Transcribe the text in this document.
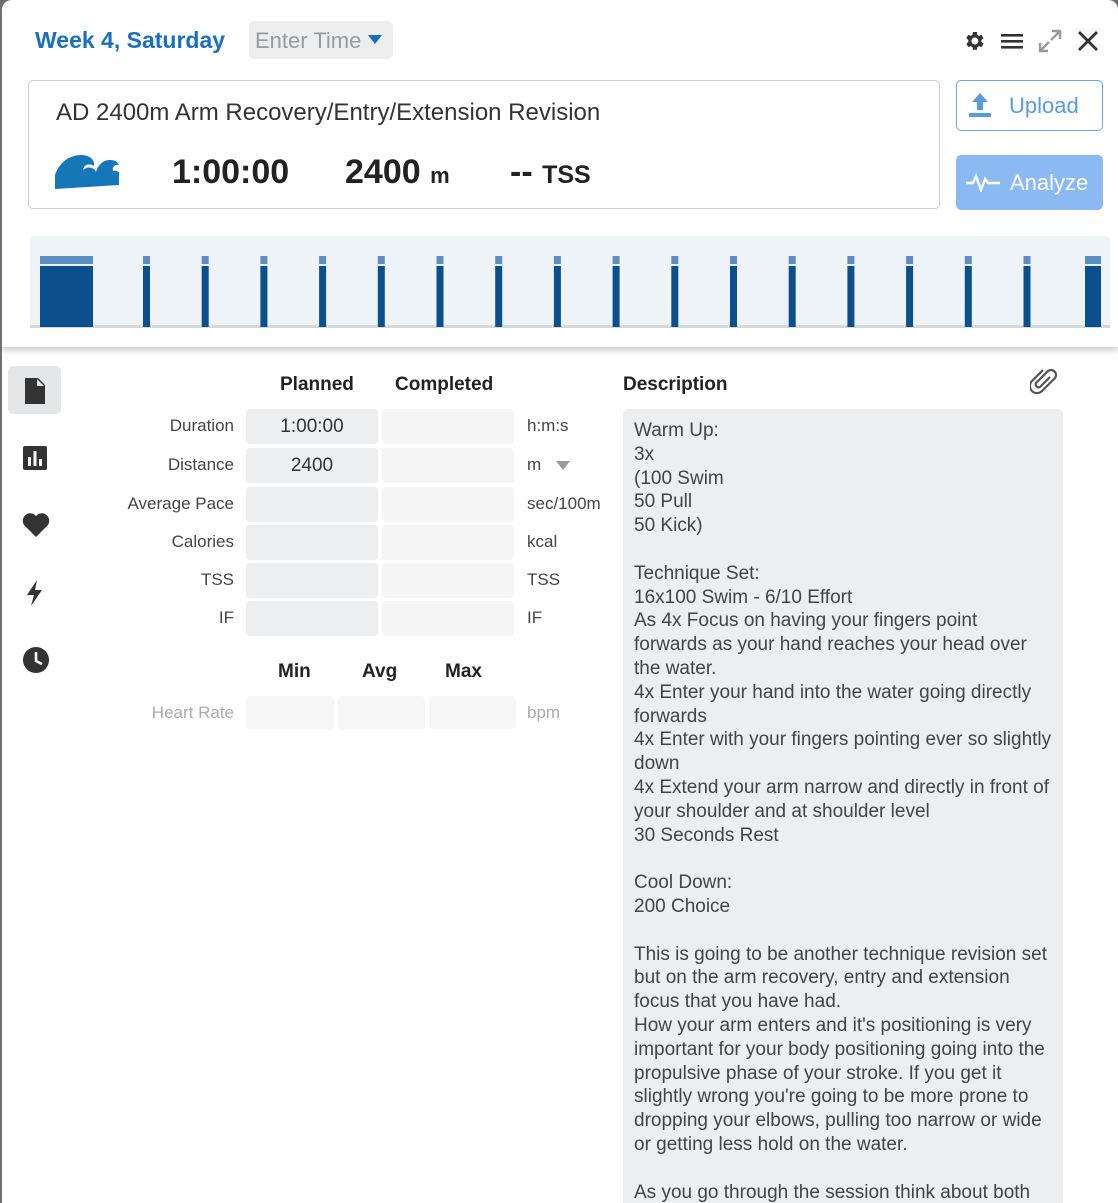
Week 4, Saturday Enter Time
AD 2400m Arm Recovery/Entry/Extension Revision
1:00:00 2400 m -- TSS
Upload
Analyze
Planned Completed
Duration	1:00:00	h:m:s
Distance	2400	m
Average Pace	sec/100m
Calories	kcal
TSS	TSS
IF	IF
Min	Avg	Max
Heart Rate	bpm
Description
Warm Up:
3x
(100 Swim
50 Pull
50 Kick)

Technique Set:
16x100 Swim - 6/10 Effort
As 4x Focus on having your fingers point forwards as your hand reaches your head over the water.
4x Enter your hand into the water going directly forwards
4x Enter with your fingers pointing ever so slightly down
4x Extend your arm narrow and directly in front of your shoulder and at shoulder level
30 Seconds Rest

Cool Down:
200 Choice

This is going to be another technique revision set but on the arm recovery, entry and extension focus that you have had.
How your arm enters and it's positioning is very important for your body positioning going into the propulsive phase of your stroke. If you get it slightly wrong you're going to be more prone to dropping your elbows, pulling too narrow or wide or getting less hold on the water.

As you go through the session think about both
